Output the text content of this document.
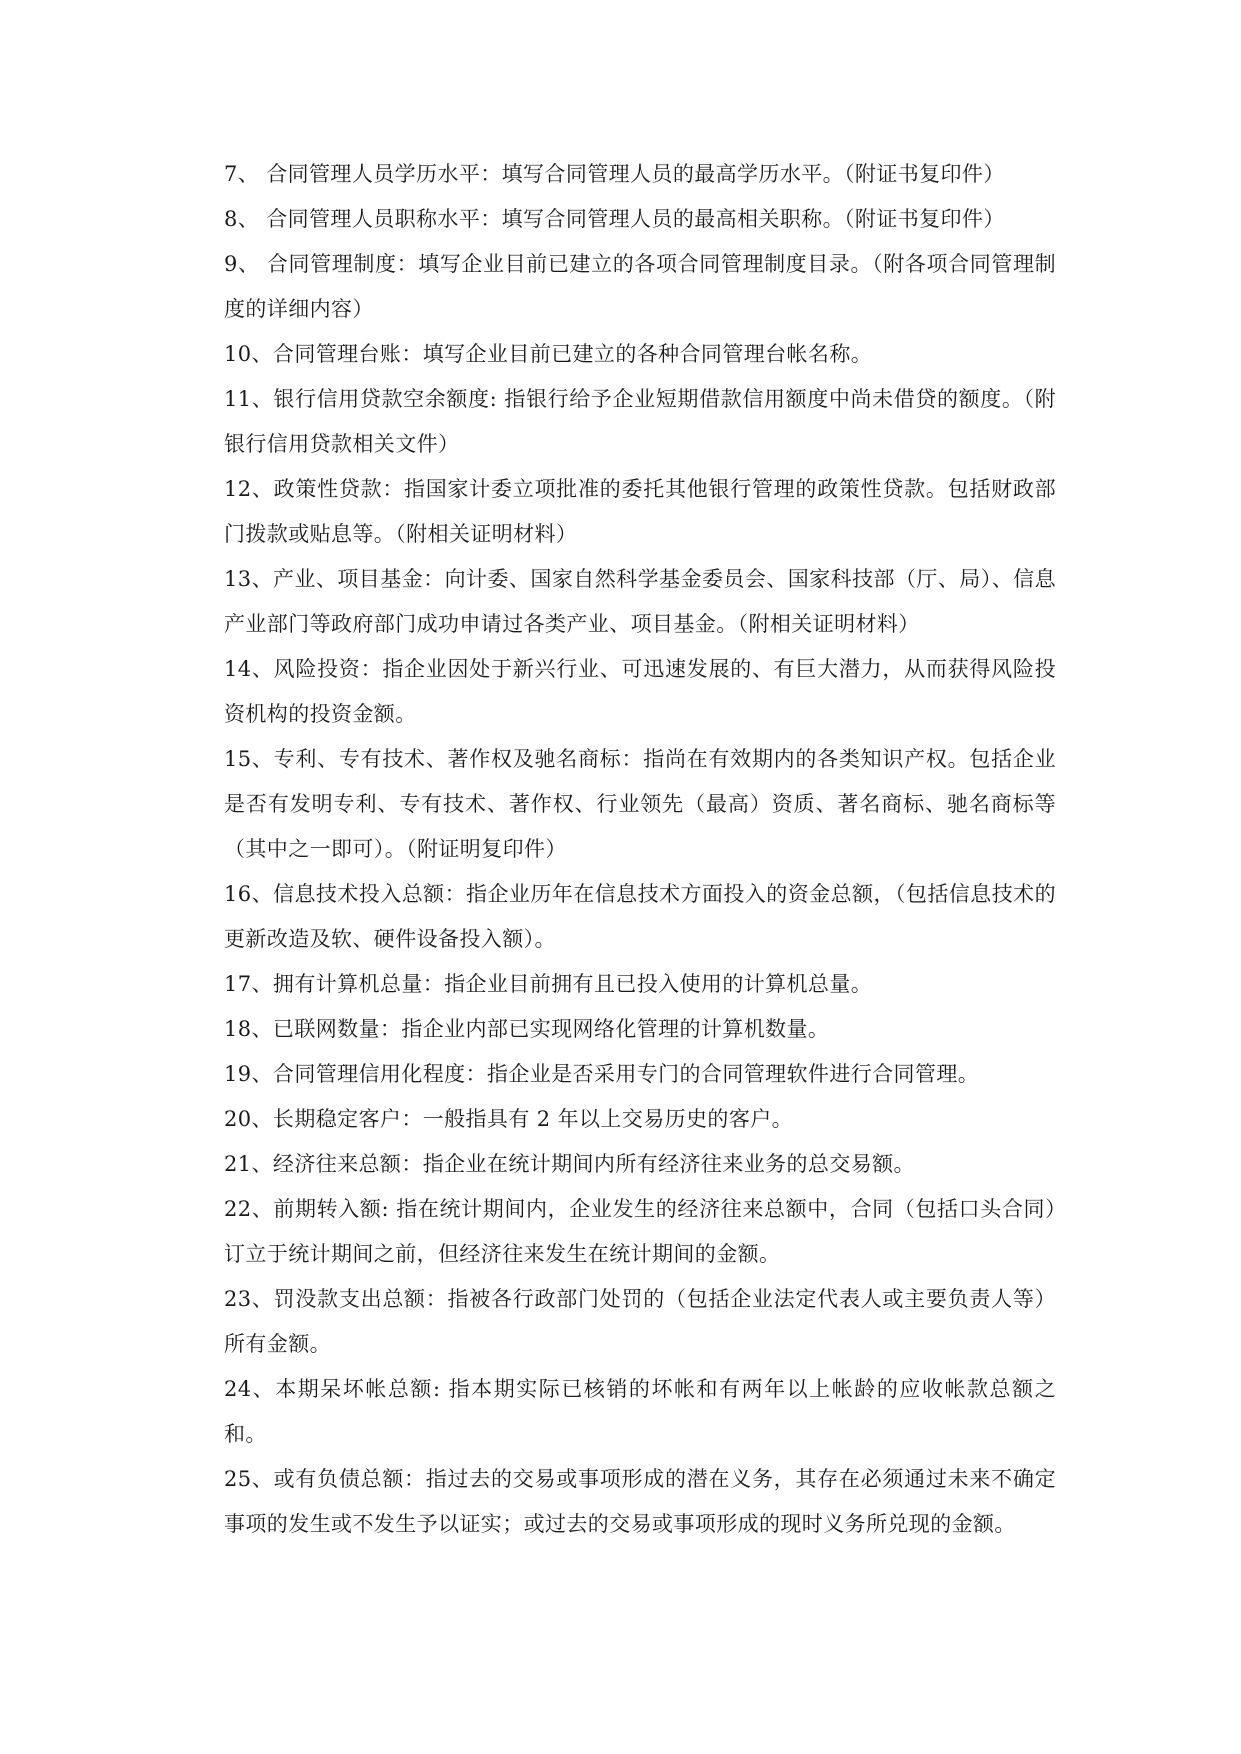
7、 合同管理人员学历水平：填写合同管理人员的最高学历水平。（附证书复印件）

8、 合同管理人员职称水平：填写合同管理人员的最高相关职称。（附证书复印件）

9、 合同管理制度：填写企业目前已建立的各项合同管理制度目录。（附各项合同管理制度的详细内容）

10、合同管理台账：填写企业目前已建立的各种合同管理台帐名称。

11、银行信用贷款空余额度: 指银行给予企业短期借款信用额度中尚未借贷的额度。（附银行信用贷款相关文件）

12、政策性贷款：指国家计委立项批准的委托其他银行管理的政策性贷款。包括财政部门拨款或贴息等。（附相关证明材料）

13、产业、项目基金：向计委、国家自然科学基金委员会、国家科技部（厅、局）、信息产业部门等政府部门成功申请过各类产业、项目基金。（附相关证明材料）

14、风险投资：指企业因处于新兴行业、可迅速发展的、有巨大潜力，从而获得风险投资机构的投资金额。

15、专利、专有技术、著作权及驰名商标：指尚在有效期内的各类知识产权。包括企业是否有发明专利、专有技术、著作权、行业领先（最高）资质、著名商标、驰名商标等（其中之一即可）。（附证明复印件）

16、信息技术投入总额：指企业历年在信息技术方面投入的资金总额，（包括信息技术的更新改造及软、硬件设备投入额）。

17、拥有计算机总量：指企业目前拥有且已投入使用的计算机总量。

18、已联网数量：指企业内部已实现网络化管理的计算机数量。

19、合同管理信用化程度：指企业是否采用专门的合同管理软件进行合同管理。

20、长期稳定客户：一般指具有 2 年以上交易历史的客户。

21、经济往来总额：指企业在统计期间内所有经济往来业务的总交易额。

22、前期转入额: 指在统计期间内，企业发生的经济往来总额中，合同（包括口头合同）订立于统计期间之前，但经济往来发生在统计期间的金额。

23、罚没款支出总额：指被各行政部门处罚的（包括企业法定代表人或主要负责人等）所有金额。

24、本期呆坏帐总额: 指本期实际已核销的坏帐和有两年以上帐龄的应收帐款总额之和。

25、或有负债总额：指过去的交易或事项形成的潜在义务，其存在必须通过未来不确定事项的发生或不发生予以证实；或过去的交易或事项形成的现时义务所兑现的金额。
